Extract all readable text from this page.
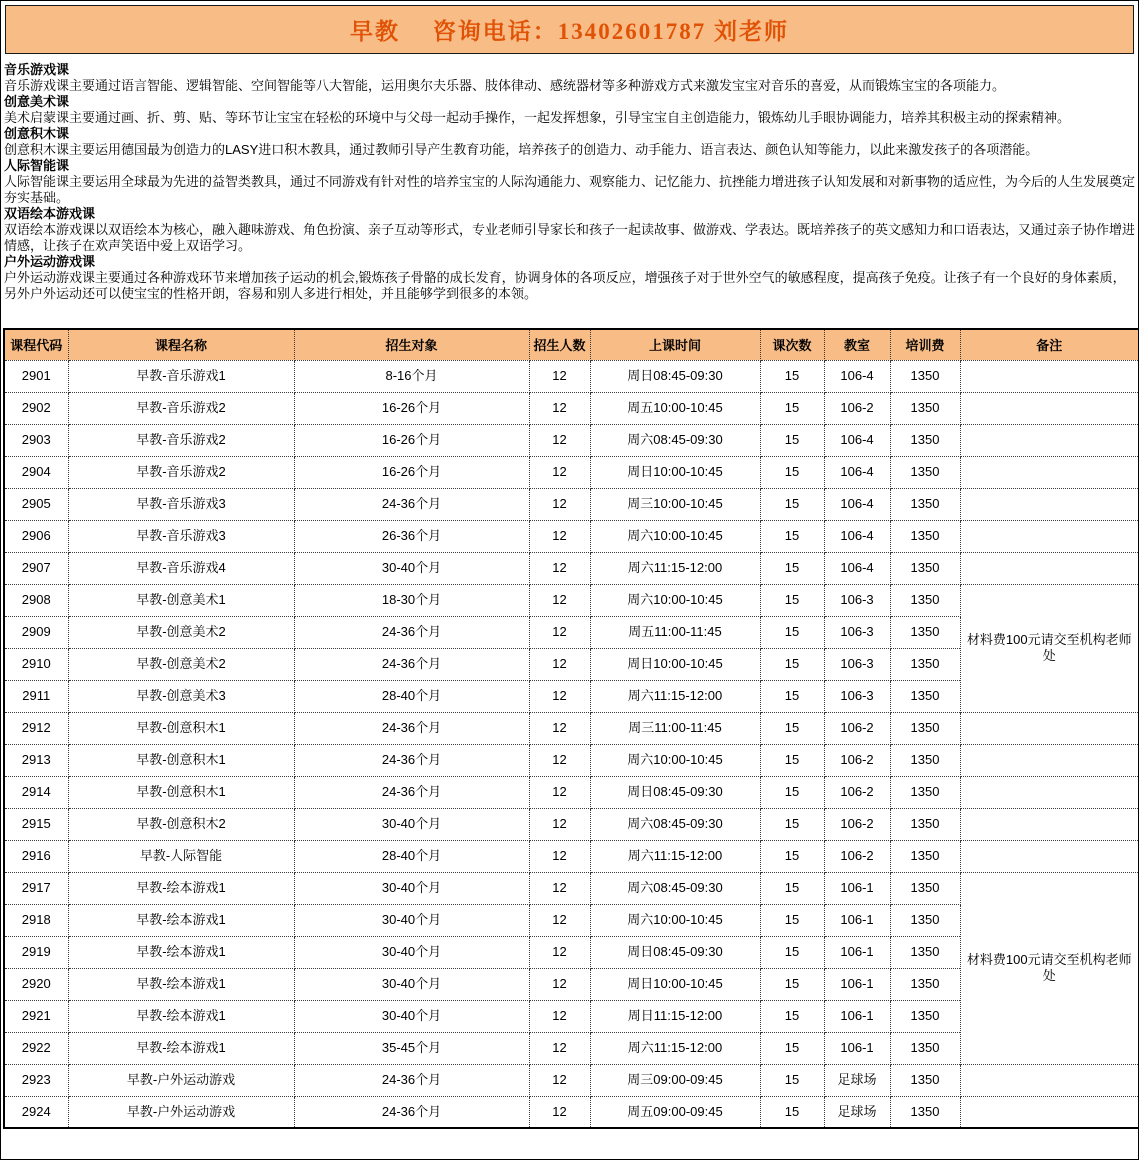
早教　 咨询电话：13402601787 刘老师
音乐游戏课

音乐游戏课主要通过语言智能、逻辑智能、空间智能等八大智能，运用奥尔夫乐器、肢体律动、感统器材等多种游戏方式来激发宝宝对音乐的喜爱，从而锻炼宝宝的各项能力。

创意美术课

美术启蒙课主要通过画、折、剪、贴、等环节让宝宝在轻松的环境中与父母一起动手操作，一起发挥想象，引导宝宝自主创造能力，锻炼幼儿手眼协调能力，培养其积极主动的探索精神。

创意积木课

创意积木课主要运用德国最为创造力的LASY进口积木教具，通过教师引导产生教育功能，培养孩子的创造力、动手能力、语言表达、颜色认知等能力，以此来激发孩子的各项潜能。

人际智能课

人际智能课主要运用全球最为先进的益智类教具，通过不同游戏有针对性的培养宝宝的人际沟通能力、观察能力、记忆能力、抗挫能力增进孩子认知发展和对新事物的适应性，为今后的人生发展奠定夯实基础。

双语绘本游戏课

双语绘本游戏课以双语绘本为核心，融入趣味游戏、角色扮演、亲子互动等形式，专业老师引导家长和孩子一起读故事、做游戏、学表达。既培养孩子的英文感知力和口语表达，又通过亲子协作增进情感，让孩子在欢声笑语中爱上双语学习。

户外运动游戏课

户外运动游戏课主要通过各种游戏环节来增加孩子运动的机会,锻炼孩子骨骼的成长发育，协调身体的各项反应，增强孩子对于世外空气的敏感程度，提高孩子免疫。让孩子有一个良好的身体素质，另外户外运动还可以使宝宝的性格开朗，容易和别人多进行相处，并且能够学到很多的本领。

课程代码	课程名称	招生对象	招生人数	上课时间	课次数	教室	培训费	备注
2901	早教-音乐游戏1	8-16个月	12	周日08:45-09:30	15	106-4	1350	
2902	早教-音乐游戏2	16-26个月	12	周五10:00-10:45	15	106-2	1350	
2903	早教-音乐游戏2	16-26个月	12	周六08:45-09:30	15	106-4	1350	
2904	早教-音乐游戏2	16-26个月	12	周日10:00-10:45	15	106-4	1350	
2905	早教-音乐游戏3	24-36个月	12	周三10:00-10:45	15	106-4	1350	
2906	早教-音乐游戏3	26-36个月	12	周六10:00-10:45	15	106-4	1350	
2907	早教-音乐游戏4	30-40个月	12	周六11:15-12:00	15	106-4	1350	
2908	早教-创意美术1	18-30个月	12	周六10:00-10:45	15	106-3	1350	材料费100元请交至机构老师处
2909	早教-创意美术2	24-36个月	12	周五11:00-11:45	15	106-3	1350	
2910	早教-创意美术2	24-36个月	12	周日10:00-10:45	15	106-3	1350	
2911	早教-创意美术3	28-40个月	12	周六11:15-12:00	15	106-3	1350	
2912	早教-创意积木1	24-36个月	12	周三11:00-11:45	15	106-2	1350	
2913	早教-创意积木1	24-36个月	12	周六10:00-10:45	15	106-2	1350	
2914	早教-创意积木1	24-36个月	12	周日08:45-09:30	15	106-2	1350	
2915	早教-创意积木2	30-40个月	12	周六08:45-09:30	15	106-2	1350	
2916	早教-人际智能	28-40个月	12	周六11:15-12:00	15	106-2	1350	
2917	早教-绘本游戏1	30-40个月	12	周六08:45-09:30	15	106-1	1350	材料费100元请交至机构老师处
2918	早教-绘本游戏1	30-40个月	12	周六10:00-10:45	15	106-1	1350	
2919	早教-绘本游戏1	30-40个月	12	周日08:45-09:30	15	106-1	1350	
2920	早教-绘本游戏1	30-40个月	12	周日10:00-10:45	15	106-1	1350	
2921	早教-绘本游戏1	30-40个月	12	周日11:15-12:00	15	106-1	1350	
2922	早教-绘本游戏1	35-45个月	12	周六11:15-12:00	15	106-1	1350	
2923	早教-户外运动游戏	24-36个月	12	周三09:00-09:45	15	足球场	1350	
2924	早教-户外运动游戏	24-36个月	12	周五09:00-09:45	15	足球场	1350	
